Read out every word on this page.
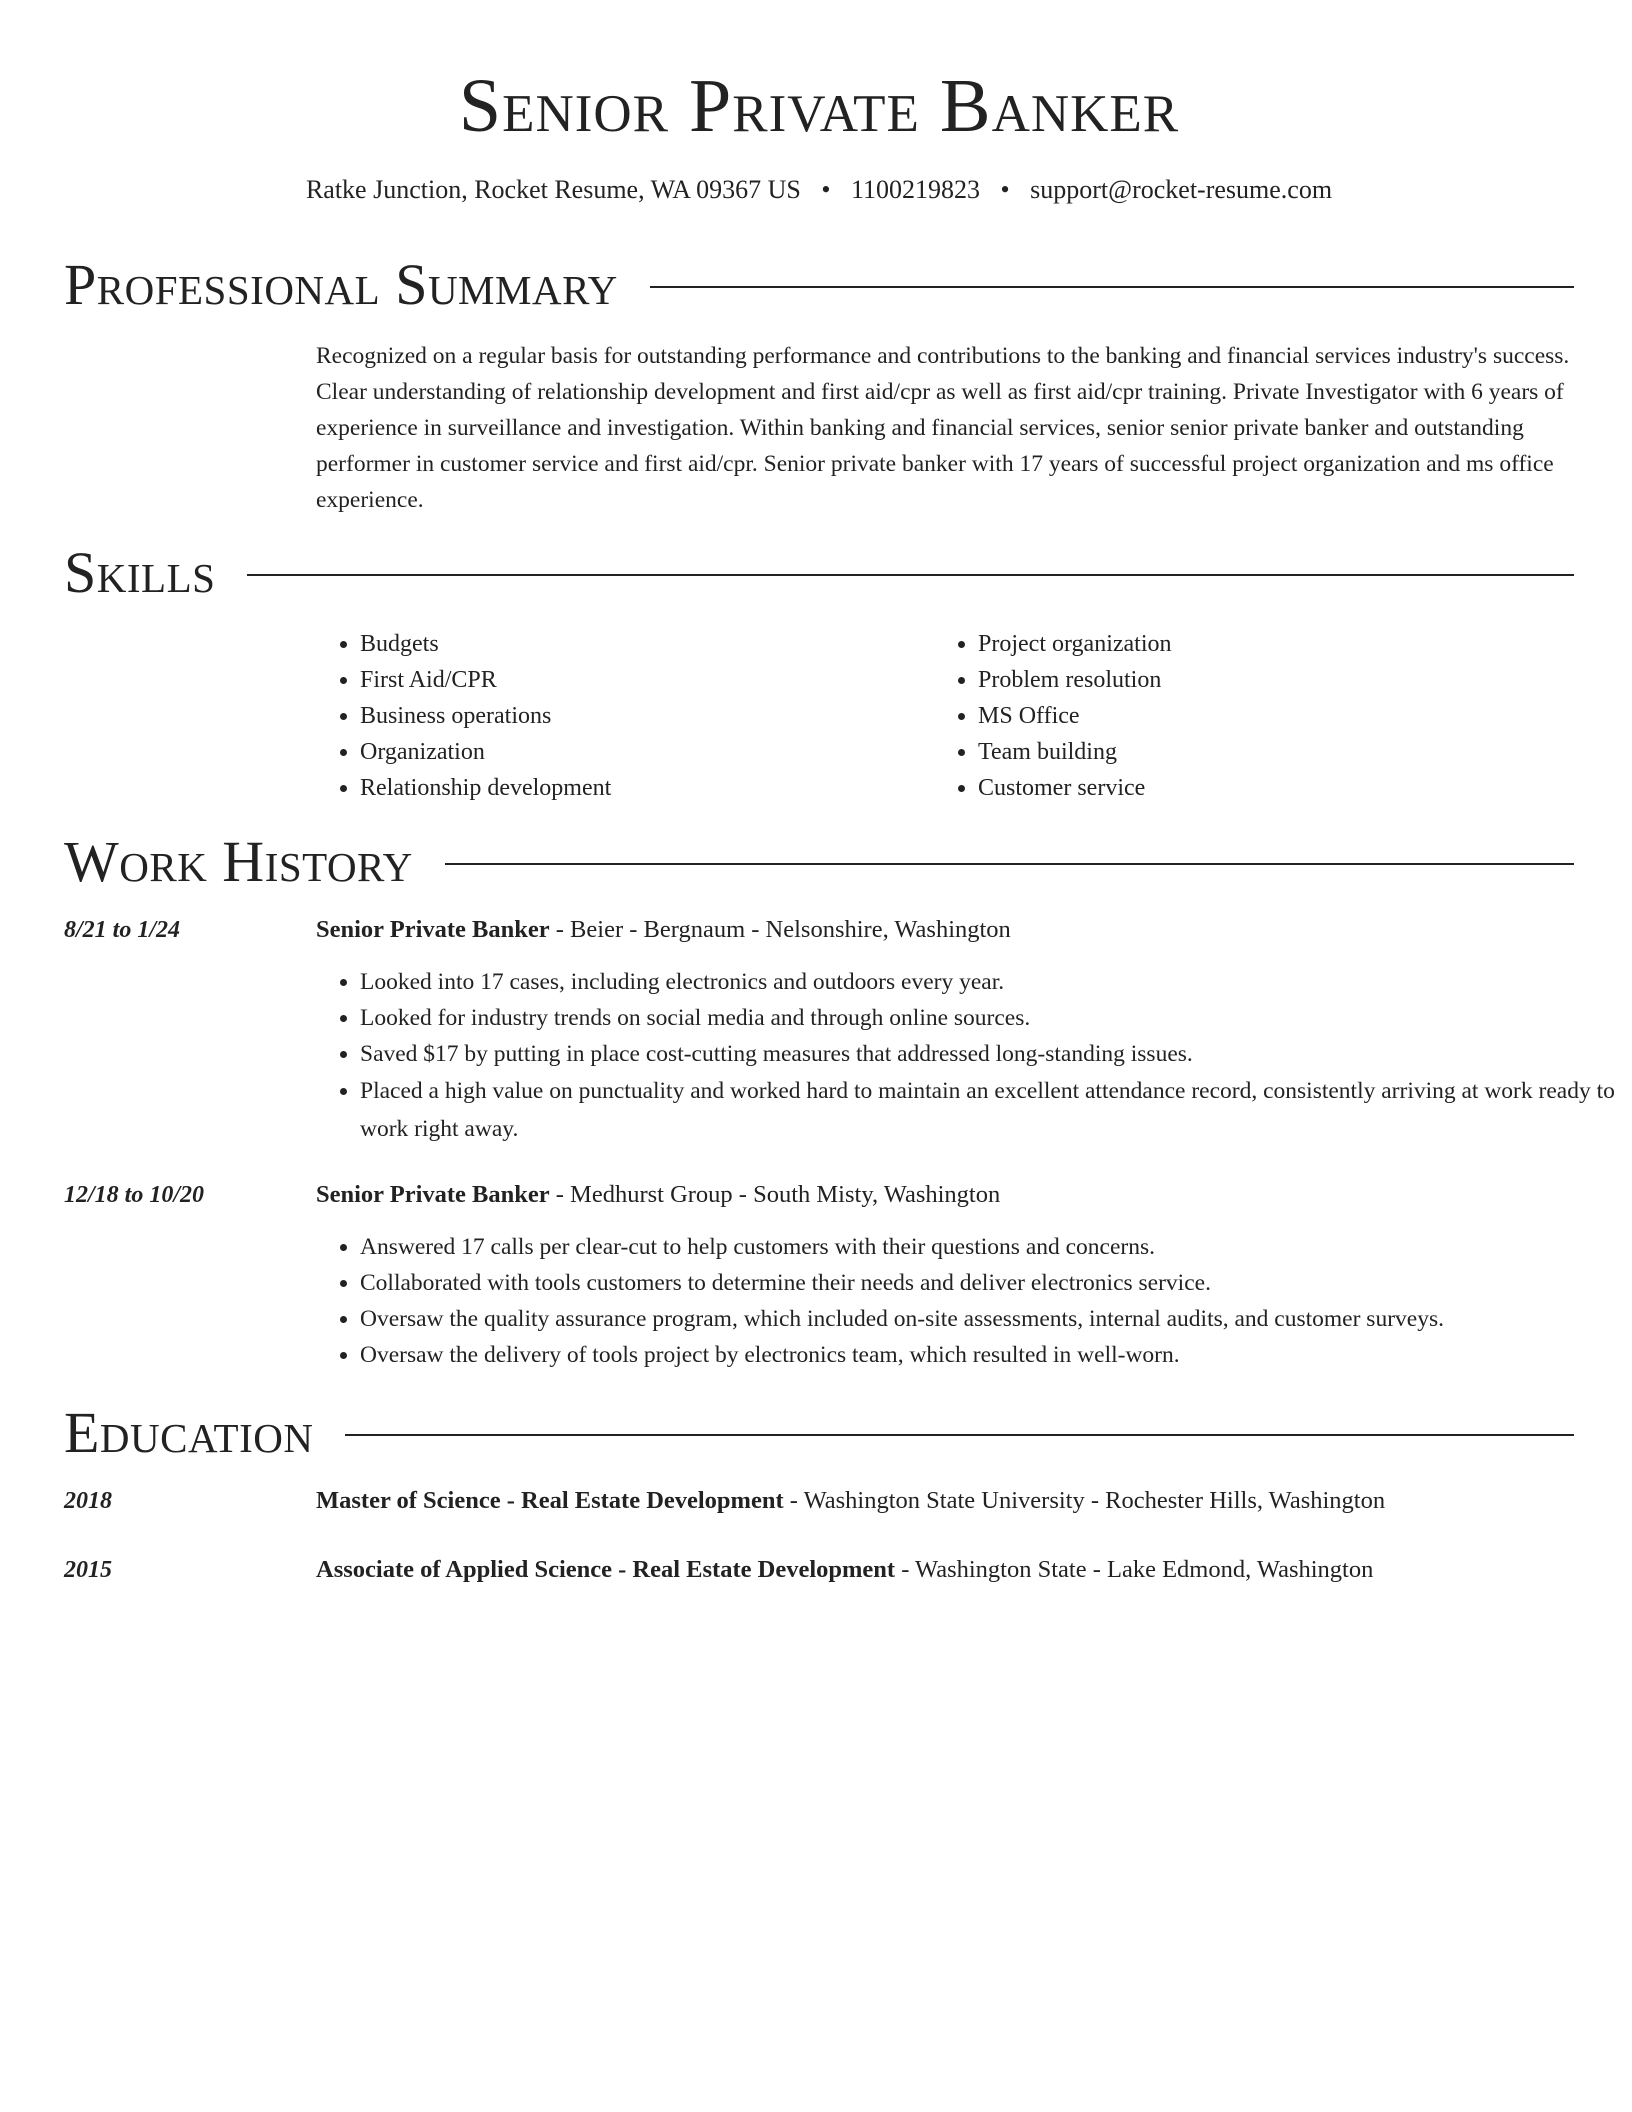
Senior Private Banker
Ratke Junction, Rocket Resume, WA 09367 US • 1100219823 • support@rocket-resume.com
Professional Summary

Recognized on a regular basis for outstanding performance and contributions to the banking and financial services industry's success. Clear understanding of relationship development and first aid/cpr as well as first aid/cpr training. Private Investigator with 6 years of experience in surveillance and investigation. Within banking and financial services, senior senior private banker and outstanding performer in customer service and first aid/cpr. Senior private banker with 17 years of successful project organization and ms office experience.

Skills
• Budgets
• First Aid/CPR
• Business operations
• Organization
• Relationship development
• Project organization
• Problem resolution
• MS Office
• Team building
• Customer service
Work History
8/21 to 1/24	Senior Private Banker - Beier - Bergnaum - Nelsonshire, Washington
• Looked into 17 cases, including electronics and outdoors every year.
• Looked for industry trends on social media and through online sources.
• Saved $17 by putting in place cost-cutting measures that addressed long-standing issues.
• Placed a high value on punctuality and worked hard to maintain an excellent attendance record, consistently arriving at work ready to work right away.
12/18 to 10/20	Senior Private Banker - Medhurst Group - South Misty, Washington
• Answered 17 calls per clear-cut to help customers with their questions and concerns.
• Collaborated with tools customers to determine their needs and deliver electronics service.
• Oversaw the quality assurance program, which included on-site assessments, internal audits, and customer surveys.
• Oversaw the delivery of tools project by electronics team, which resulted in well-worn.
Education
2018	Master of Science - Real Estate Development - Washington State University - Rochester Hills, Washington
2015	Associate of Applied Science - Real Estate Development - Washington State - Lake Edmond, Washington
